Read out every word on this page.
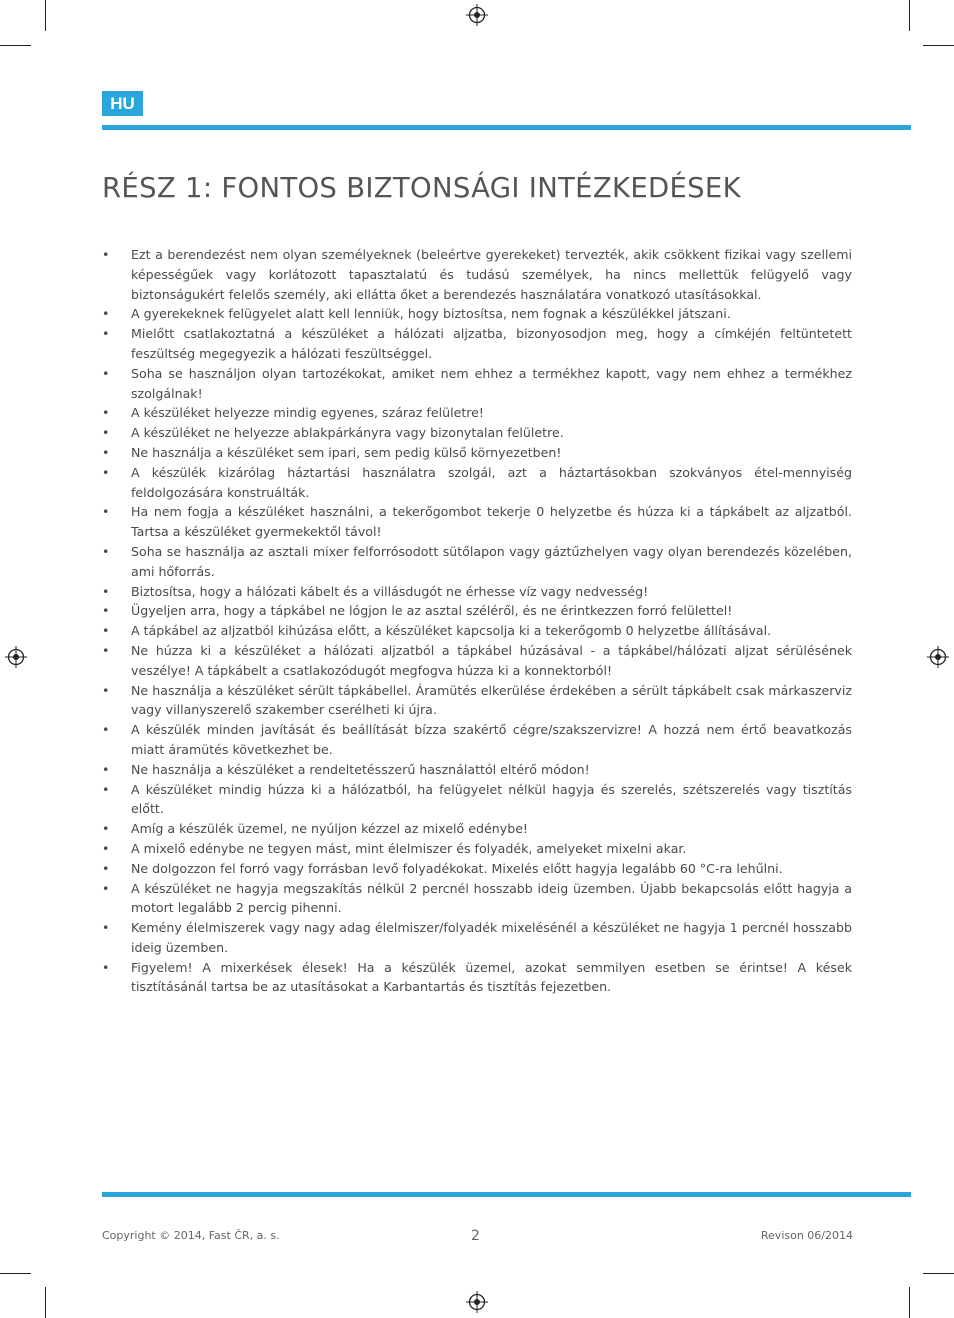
HU
RÉSZ 1: FONTOS BIZTONSÁGI INTÉZKEDÉSEK
• Ezt a berendezést nem olyan személyeknek (beleértve gyerekeket) tervezték, akik csökkent fizikai vagy szellemi képességűek vagy korlátozott tapasztalatú és tudású személyek, ha nincs mellettük felügyelő vagy biztonságukért felelős személy, aki ellátta őket a berendezés használatára vonatkozó utasításokkal.
• A gyerekeknek felügyelet alatt kell lenniük, hogy biztosítsa, nem fognak a készülékkel játszani.
• Mielőtt csatlakoztatná a készüléket a hálózati aljzatba, bizonyosodjon meg, hogy a címkéjén feltüntetett feszültség megegyezik a hálózati feszültséggel.
• Soha se használjon olyan tartozékokat, amiket nem ehhez a termékhez kapott, vagy nem ehhez a termékhez szolgálnak!
• A készüléket helyezze mindig egyenes, száraz felületre!
• A készüléket ne helyezze ablakpárkányra vagy bizonytalan felületre.
• Ne használja a készüléket sem ipari, sem pedig külső környezetben!
• A készülék kizárólag háztartási használatra szolgál, azt a háztartásokban szokványos étel-mennyiség feldolgozására konstruálták.
• Ha nem fogja a készüléket használni, a tekerőgombot tekerje 0 helyzetbe és húzza ki a tápkábelt az aljzatból. Tartsa a készüléket gyermekektől távol!
• Soha se használja az asztali mixer felforrósodott sütőlapon vagy gáztűzhelyen vagy olyan berendezés közelében, ami hőforrás.
• Biztosítsa, hogy a hálózati kábelt és a villásdugót ne érhesse víz vagy nedvesség!
• Ügyeljen arra, hogy a tápkábel ne lógjon le az asztal széléről, és ne érintkezzen forró felülettel!
• A tápkábel az aljzatból kihúzása előtt, a készüléket kapcsolja ki a tekerőgomb 0 helyzetbe állításával.
• Ne húzza ki a készüléket a hálózati aljzatból a tápkábel húzásával - a tápkábel/hálózati aljzat sérülésének veszélye! A tápkábelt a csatlakozódugót megfogva húzza ki a konnektorból!
• Ne használja a készüléket sérült tápkábellel. Áramütés elkerülése érdekében a sérült tápkábelt csak márkaszerviz vagy villanyszerelő szakember cserélheti ki újra.
• A készülék minden javítását és beállítását bízza szakértő cégre/szakszervizre! A hozzá nem értő beavatkozás miatt áramütés következhet be.
• Ne használja a készüléket a rendeltetésszerű használattól eltérő módon!
• A készüléket mindig húzza ki a hálózatból, ha felügyelet nélkül hagyja és szerelés, szétszerelés vagy tisztítás előtt.
• Amíg a készülék üzemel, ne nyúljon kézzel az mixelő edénybe!
• A mixelő edénybe ne tegyen mást, mint élelmiszer és folyadék, amelyeket mixelni akar.
• Ne dolgozzon fel forró vagy forrásban levő folyadékokat. Mixelés előtt hagyja legalább 60 °C-ra lehűlni.
• A készüléket ne hagyja megszakítás nélkül 2 percnél hosszabb ideig üzemben. Újabb bekapcsolás előtt hagyja a motort legalább 2 percig pihenni.
• Kemény élelmiszerek vagy nagy adag élelmiszer/folyadék mixelésénél a készüléket ne hagyja 1 percnél hosszabb ideig üzemben.
• Figyelem! A mixerkések élesek! Ha a készülék üzemel, azokat semmilyen esetben se érintse! A kések tisztításánál tartsa be az utasításokat a Karbantartás és tisztítás fejezetben.
Copyright © 2014, Fast ČR, a. s.	2	Revison 06/2014
